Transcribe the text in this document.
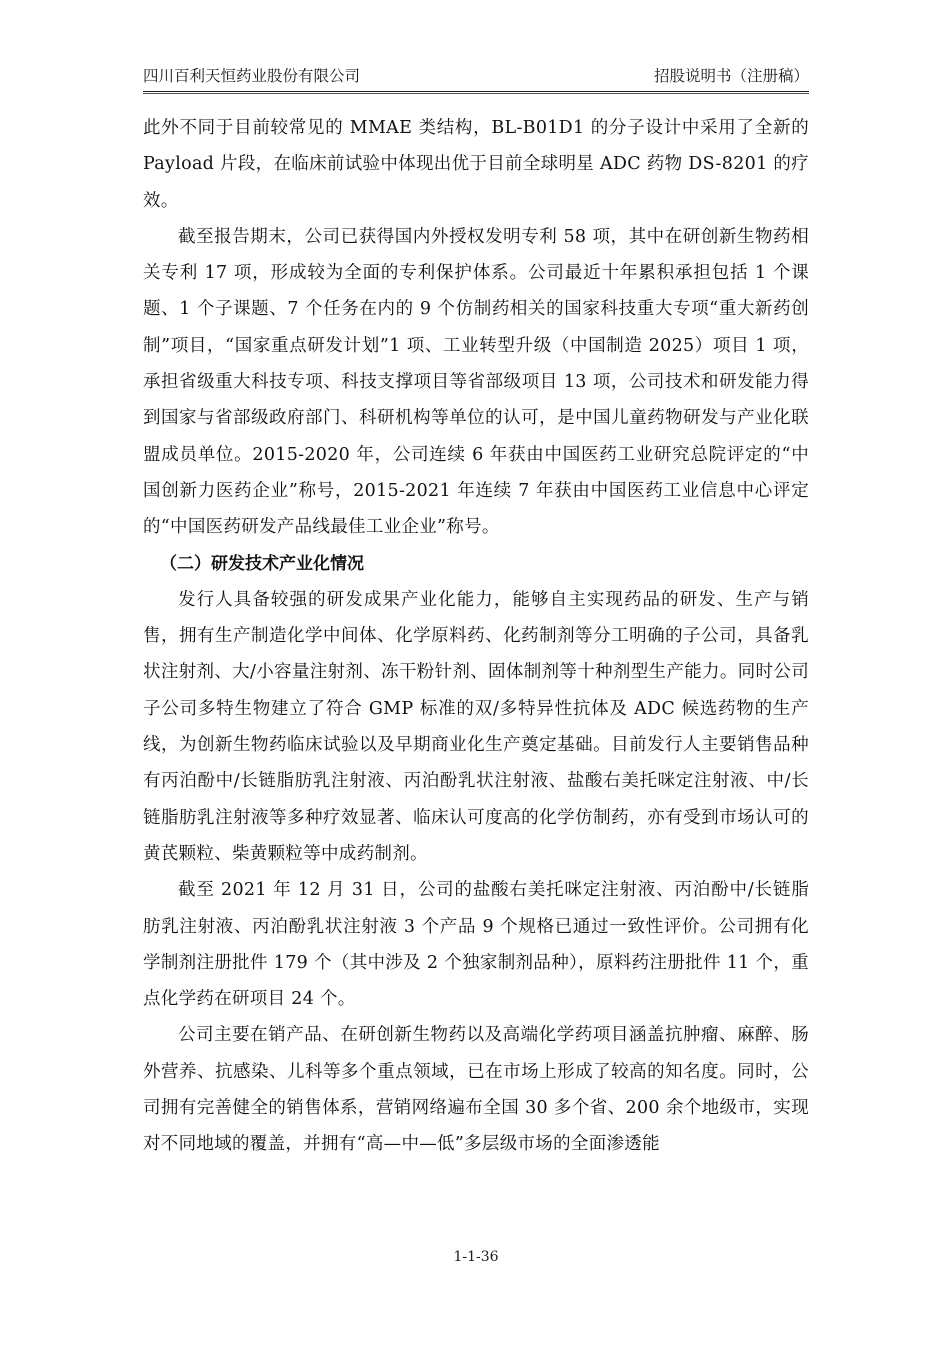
四川百利天恒药业股份有限公司	招股说明书（注册稿）

此外不同于目前较常见的 MMAE 类结构，BL-B01D1 的分子设计中采用了全新的 Payload 片段，在临床前试验中体现出优于目前全球明星 ADC 药物 DS-8201 的疗效。

截至报告期末，公司已获得国内外授权发明专利 58 项，其中在研创新生物药相关专利 17 项，形成较为全面的专利保护体系。公司最近十年累积承担包括 1 个课题、1 个子课题、7 个任务在内的 9 个仿制药相关的国家科技重大专项“重大新药创制”项目，“国家重点研发计划”1 项、工业转型升级（中国制造 2025）项目 1 项，承担省级重大科技专项、科技支撑项目等省部级项目 13 项，公司技术和研发能力得到国家与省部级政府部门、科研机构等单位的认可，是中国儿童药物研发与产业化联盟成员单位。2015-2020 年，公司连续 6 年获由中国医药工业研究总院评定的“中国创新力医药企业”称号，2015-2021 年连续 7 年获由中国医药工业信息中心评定的“中国医药研发产品线最佳工业企业”称号。

（二）研发技术产业化情况

发行人具备较强的研发成果产业化能力，能够自主实现药品的研发、生产与销售，拥有生产制造化学中间体、化学原料药、化药制剂等分工明确的子公司，具备乳状注射剂、大/小容量注射剂、冻干粉针剂、固体制剂等十种剂型生产能力。同时公司子公司多特生物建立了符合 GMP 标准的双/多特异性抗体及 ADC 候选药物的生产线，为创新生物药临床试验以及早期商业化生产奠定基础。目前发行人主要销售品种有丙泊酚中/长链脂肪乳注射液、丙泊酚乳状注射液、盐酸右美托咪定注射液、中/长链脂肪乳注射液等多种疗效显著、临床认可度高的化学仿制药，亦有受到市场认可的黄芪颗粒、柴黄颗粒等中成药制剂。

截至 2021 年 12 月 31 日，公司的盐酸右美托咪定注射液、丙泊酚中/长链脂肪乳注射液、丙泊酚乳状注射液 3 个产品 9 个规格已通过一致性评价。公司拥有化学制剂注册批件 179 个（其中涉及 2 个独家制剂品种），原料药注册批件 11 个，重点化学药在研项目 24 个。

公司主要在销产品、在研创新生物药以及高端化学药项目涵盖抗肿瘤、麻醉、肠外营养、抗感染、儿科等多个重点领域，已在市场上形成了较高的知名度。同时，公司拥有完善健全的销售体系，营销网络遍布全国 30 多个省、200 余个地级市，实现对不同地域的覆盖，并拥有“高—中—低”多层级市场的全面渗透能

1-1-36
